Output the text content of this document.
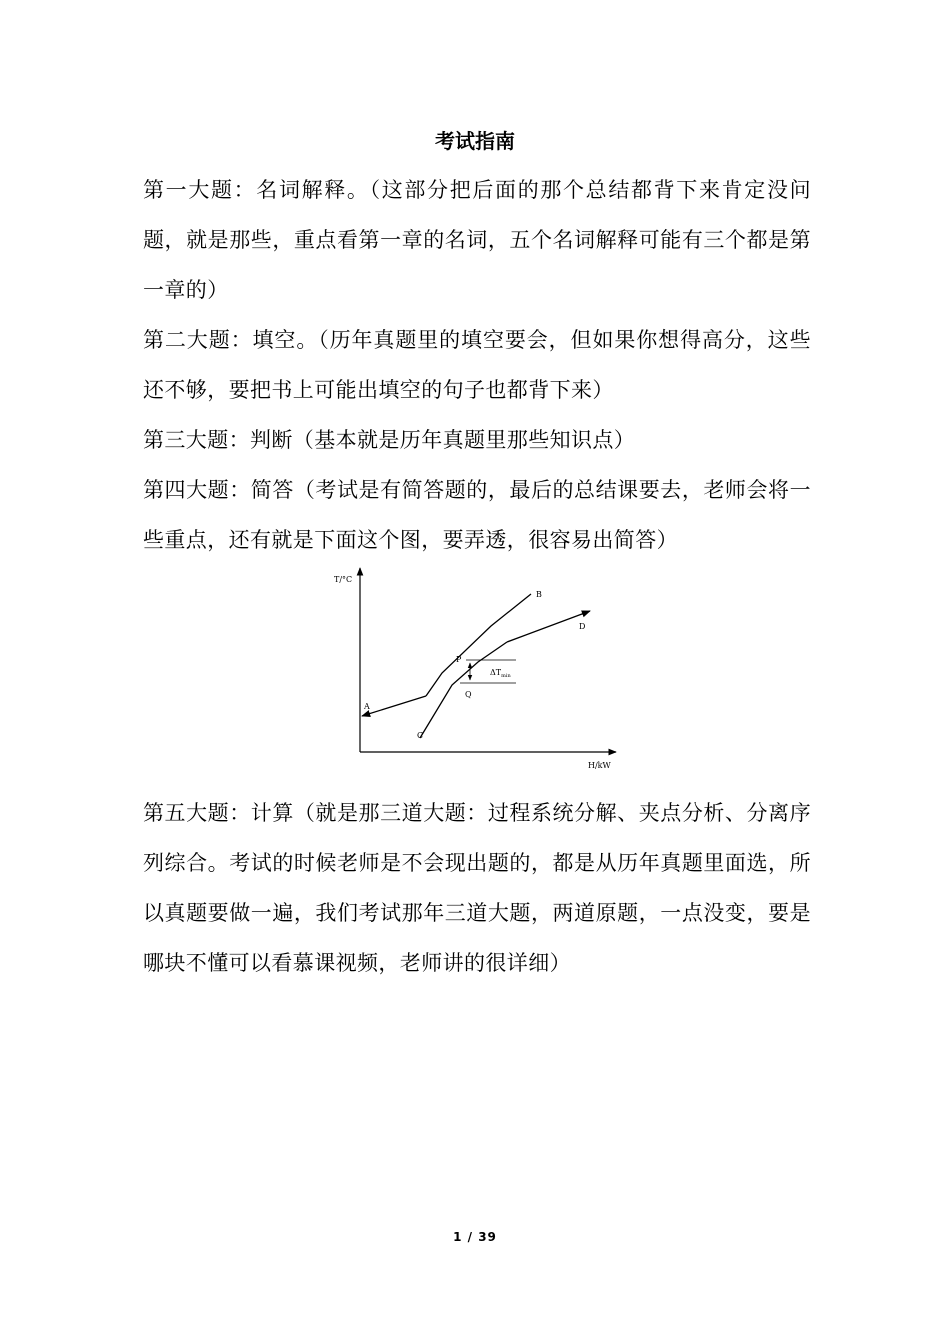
考试指南
第一大题：名词解释。（这部分把后面的那个总结都背下来肯定没问题，就是那些，重点看第一章的名词，五个名词解释可能有三个都是第一章的）
第二大题：填空。（历年真题里的填空要会，但如果你想得高分，这些还不够，要把书上可能出填空的句子也都背下来）
第三大题：判断（基本就是历年真题里那些知识点）
第四大题：简答（考试是有简答题的，最后的总结课要去，老师会将一些重点，还有就是下面这个图，要弄透，很容易出简答）
T/°C
H/kW
$\Delta T_{min}$
A
B
C
D
P
Q
第五大题：计算（就是那三道大题：过程系统分解、夹点分析、分离序列综合。考试的时候老师是不会现出题的，都是从历年真题里面选，所以真题要做一遍，我们考试那年三道大题，两道原题，一点没变，要是哪块不懂可以看慕课视频，老师讲的很详细）
1 / 39
